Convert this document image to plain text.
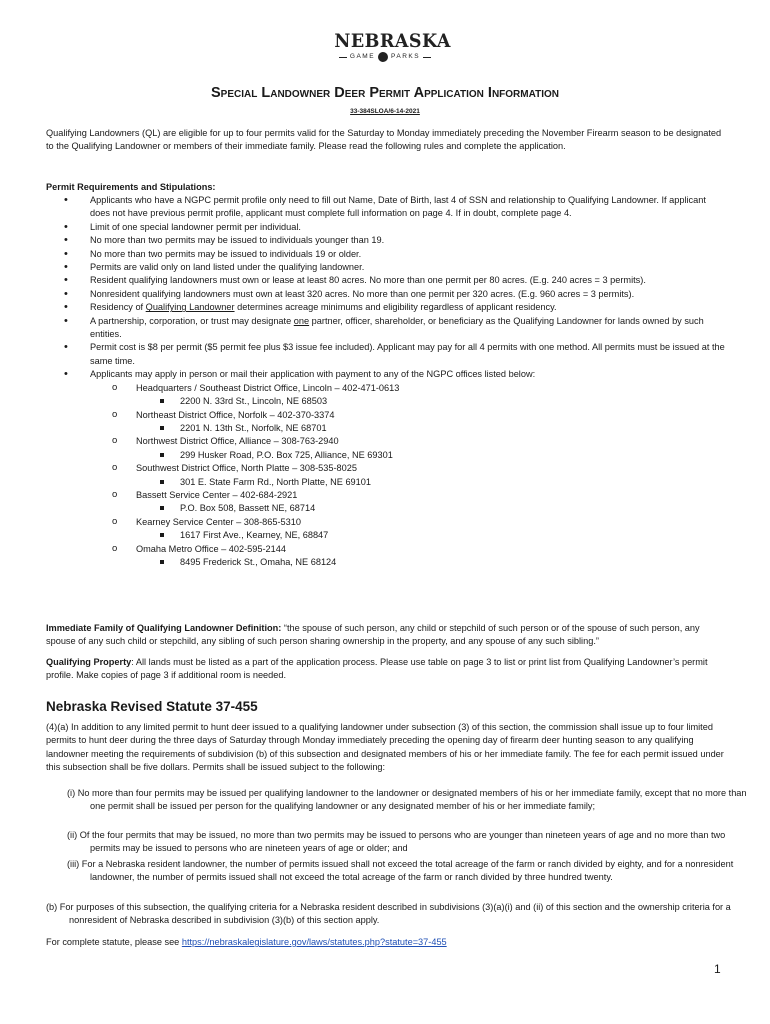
NEBRASKA
GAME PARKS
Special Landowner Deer Permit Application Information
33-384SLOA/6-14-2021

Qualifying Landowners (QL) are eligible for up to four permits valid for the Saturday to Monday immediately preceding the November Firearm season to be designated to the Qualifying Landowner or members of their immediate family. Please read the following rules and complete the application.

Permit Requirements and Stipulations:

• Applicants who have a NGPC permit profile only need to fill out Name, Date of Birth, last 4 of SSN and relationship to Qualifying Landowner. If applicant does not have previous permit profile, applicant must complete full information on page 4. If in doubt, complete page 4.
• Limit of one special landowner permit per individual.
• No more than two permits may be issued to individuals younger than 19.
• No more than two permits may be issued to individuals 19 or older.
• Permits are valid only on land listed under the qualifying landowner.
• Resident qualifying landowners must own or lease at least 80 acres. No more than one permit per 80 acres. (E.g. 240 acres = 3 permits).
• Nonresident qualifying landowners must own at least 320 acres. No more than one permit per 320 acres. (E.g. 960 acres = 3 permits).
• Residency of Qualifying Landowner determines acreage minimums and eligibility regardless of applicant residency.
• A partnership, corporation, or trust may designate one partner, officer, shareholder, or beneficiary as the Qualifying Landowner for lands owned by such entities.
• Permit cost is $8 per permit ($5 permit fee plus $3 issue fee included). Applicant may pay for all 4 permits with one method. All permits must be issued at the same time.
• Applicants may apply in person or mail their application with payment to any of the NGPC offices listed below:
o Headquarters / Southeast District Office, Lincoln – 402-471-0613
2200 N. 33rd St., Lincoln, NE 68503
o Northeast District Office, Norfolk – 402-370-3374
2201 N. 13th St., Norfolk, NE 68701
o Northwest District Office, Alliance – 308-763-2940
299 Husker Road, P.O. Box 725, Alliance, NE 69301
o Southwest District Office, North Platte – 308-535-8025
301 E. State Farm Rd., North Platte, NE 69101
o Bassett Service Center – 402-684-2921
P.O. Box 508, Bassett NE, 68714
o Kearney Service Center – 308-865-5310
1617 First Ave., Kearney, NE, 68847
o Omaha Metro Office – 402-595-2144
8495 Frederick St., Omaha, NE 68124

Immediate Family of Qualifying Landowner Definition: “the spouse of such person, any child or stepchild of such person or of the spouse of such person, any spouse of any such child or stepchild, any sibling of such person sharing ownership in the property, and any spouse of any such sibling.”

Qualifying Property: All lands must be listed as a part of the application process. Please use table on page 3 to list or print list from Qualifying Landowner’s permit profile. Make copies of page 3 if additional room is needed.

Nebraska Revised Statute 37-455

(4)(a) In addition to any limited permit to hunt deer issued to a qualifying landowner under subsection (3) of this section, the commission shall issue up to four limited permits to hunt deer during the three days of Saturday through Monday immediately preceding the opening day of firearm deer hunting season to any qualifying landowner meeting the requirements of subdivision (b) of this subsection and designated members of his or her immediate family. The fee for each permit issued under this subsection shall be five dollars. Permits shall be issued subject to the following:

(i) No more than four permits may be issued per qualifying landowner to the landowner or designated members of his or her immediate family, except that no more than one permit shall be issued per person for the qualifying landowner or any designated member of his or her immediate family;

(ii) Of the four permits that may be issued, no more than two permits may be issued to persons who are younger than nineteen years of age and no more than two permits may be issued to persons who are nineteen years of age or older; and

(iii) For a Nebraska resident landowner, the number of permits issued shall not exceed the total acreage of the farm or ranch divided by eighty, and for a nonresident landowner, the number of permits issued shall not exceed the total acreage of the farm or ranch divided by three hundred twenty.

(b) For purposes of this subsection, the qualifying criteria for a Nebraska resident described in subdivisions (3)(a)(i) and (ii) of this section and the ownership criteria for a nonresident of Nebraska described in subdivision (3)(b) of this section apply.

For complete statute, please see https://nebraskalegislature.gov/laws/statutes.php?statute=37-455

1
